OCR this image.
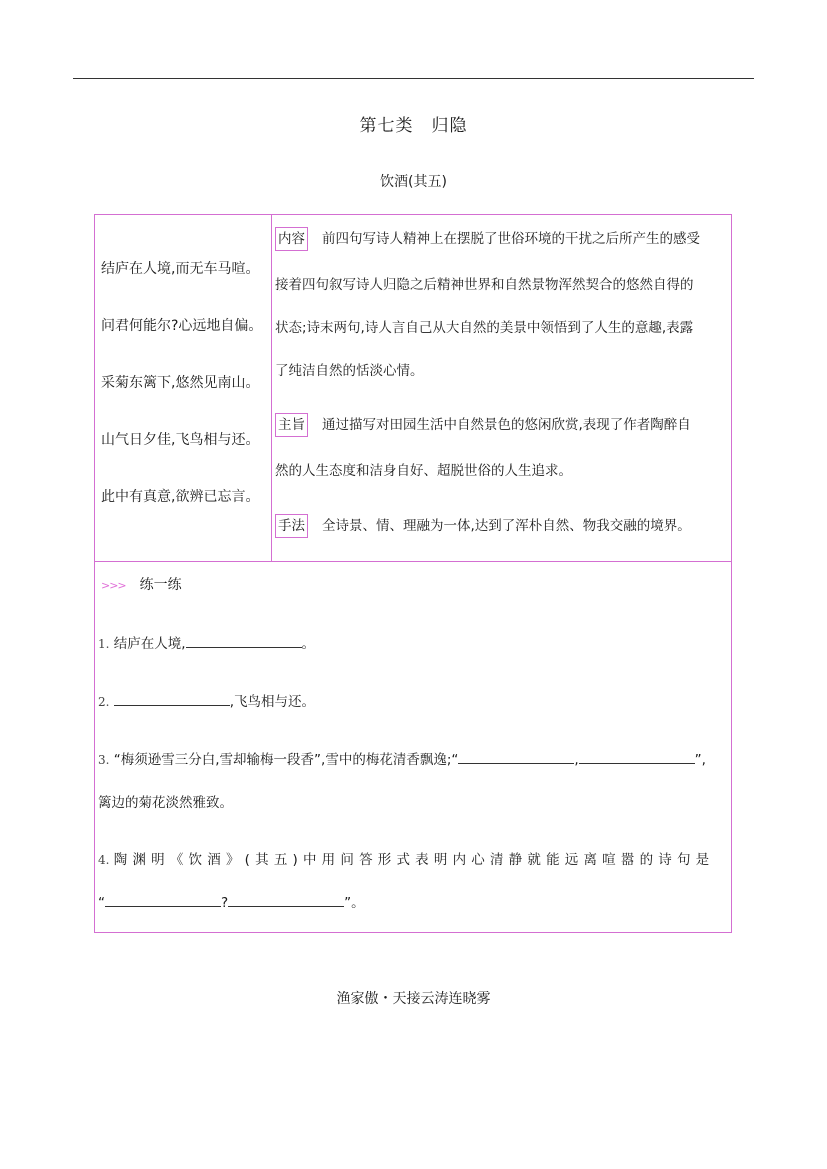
第七类 归隐
饮酒(其五)
结庐在人境,而无车马喧。
问君何能尔?心远地自偏。
采菊东篱下,悠然见南山。
山气日夕佳,飞鸟相与还。
此中有真意,欲辨已忘言。
内容 前四句写诗人精神上在摆脱了世俗环境的干扰之后所产生的感受
接着四句叙写诗人归隐之后精神世界和自然景物浑然契合的悠然自得的
状态;诗末两句,诗人言自己从大自然的美景中领悟到了人生的意趣,表露
了纯洁自然的恬淡心情。
主旨 通过描写对田园生活中自然景色的悠闲欣赏,表现了作者陶醉自
然的人生态度和洁身自好、超脱世俗的人生追求。
手法 全诗景、情、理融为一体,达到了浑朴自然、物我交融的境界。
>>> 练一练
1. 结庐在人境,	。
2.	,飞鸟相与还。
3. “梅须逊雪三分白,雪却输梅一段香”,雪中的梅花清香飘逸;“	,	”,
篱边的菊花淡然雅致。
4. 陶渊明《饮酒》(其五)中用问答形式表明内心清静就能远离喧嚣的诗句是
“	?	”。
渔家傲・天接云涛连晓雾
